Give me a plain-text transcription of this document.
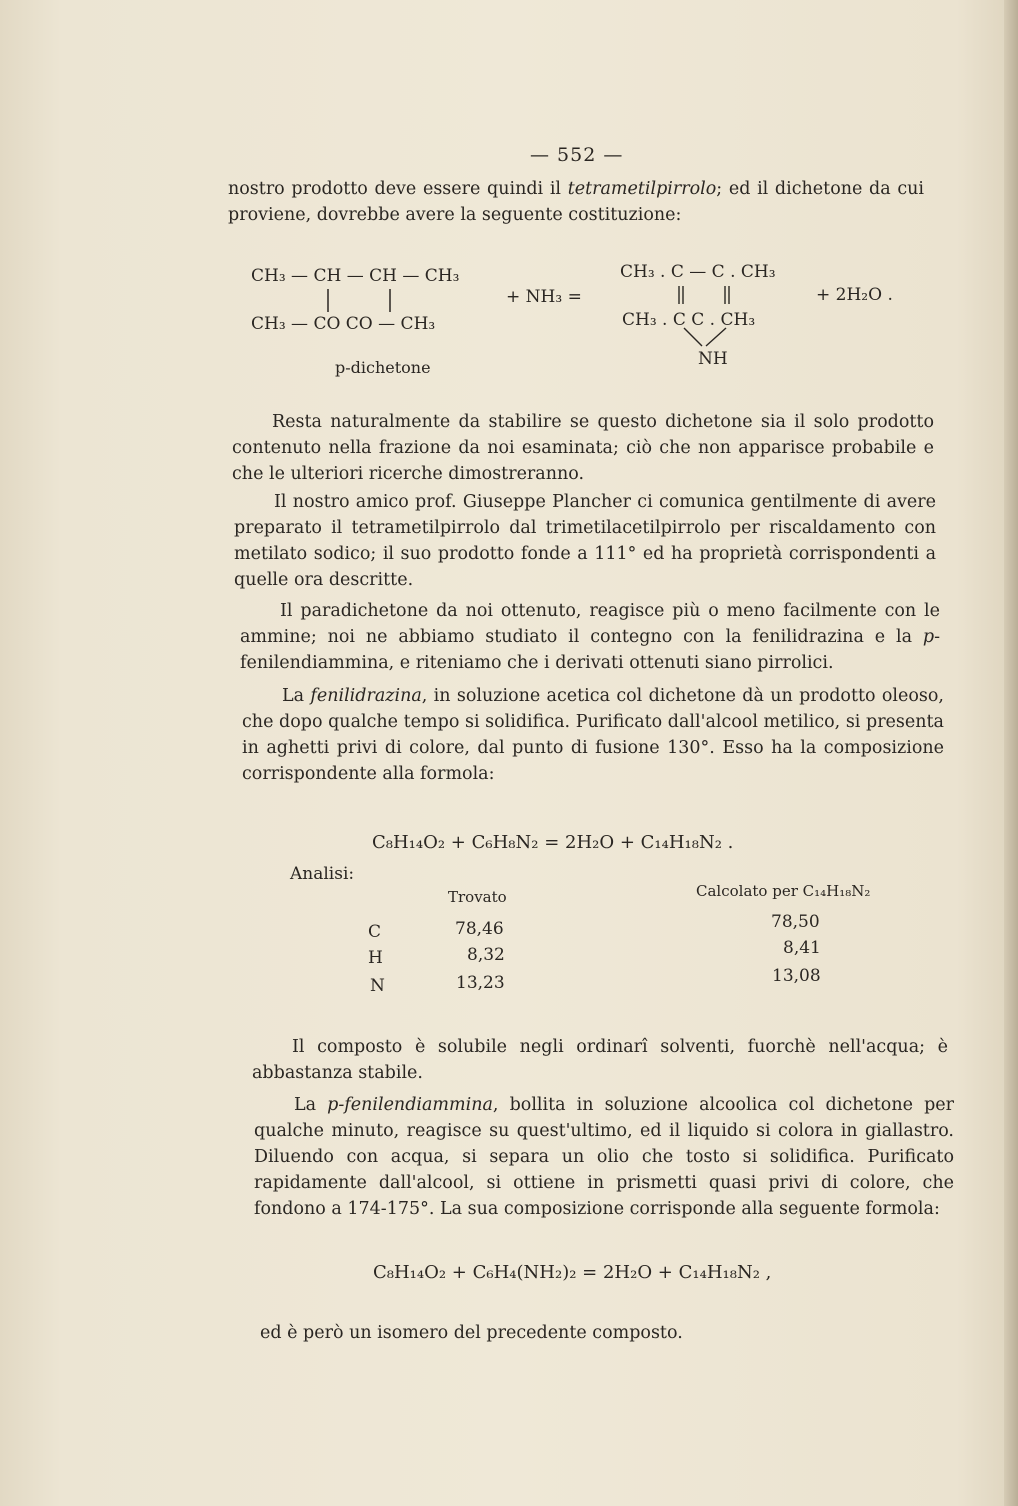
— 552 —
nostro prodotto deve essere quindi il tetrametilpirrolo; ed il dichetone da cui proviene, dovrebbe avere la seguente costituzione:
CH₃ — CH — CH — CH₃
CH₃ — CO CO — CH₃
p-dichetone
+ NH₃ =
CH₃ . C — C . CH₃
CH₃ . C C . CH₃
NH
+ 2H₂O .
Resta naturalmente da stabilire se questo dichetone sia il solo prodotto contenuto nella frazione da noi esaminata; ciò che non apparisce probabile e che le ulteriori ricerche dimostreranno.
Il nostro amico prof. Giuseppe Plancher ci comunica gentilmente di avere preparato il tetrametilpirrolo dal trimetilacetilpirrolo per riscaldamento con metilato sodico; il suo prodotto fonde a 111° ed ha proprietà corrispondenti a quelle ora descritte.
Il paradichetone da noi ottenuto, reagisce più o meno facilmente con le ammine; noi ne abbiamo studiato il contegno con la fenilidrazina e la p-fenilendiammina, e riteniamo che i derivati ottenuti siano pirrolici.
La fenilidrazina, in soluzione acetica col dichetone dà un prodotto oleoso, che dopo qualche tempo si solidifica. Purificato dall'alcool metilico, si presenta in aghetti privi di colore, dal punto di fusione 130°. Esso ha la composizione corrispondente alla formola:
C₈H₁₄O₂ + C₆H₈N₂ = 2H₂O + C₁₄H₁₈N₂ .
Analisi:
Trovato	Calcolato per C₁₄H₁₈N₂
C	78,46	78,50
H	8,32	8,41
N	13,23	13,08
Il composto è solubile negli ordinarî solventi, fuorchè nell'acqua; è abbastanza stabile.
La p-fenilendiammina, bollita in soluzione alcoolica col dichetone per qualche minuto, reagisce su quest'ultimo, ed il liquido si colora in giallastro. Diluendo con acqua, si separa un olio che tosto si solidifica. Purificato rapidamente dall'alcool, si ottiene in prismetti quasi privi di colore, che fondono a 174-175°. La sua composizione corrisponde alla seguente formola:
C₈H₁₄O₂ + C₆H₄(NH₂)₂ = 2H₂O + C₁₄H₁₈N₂ ,
ed è però un isomero del precedente composto.
